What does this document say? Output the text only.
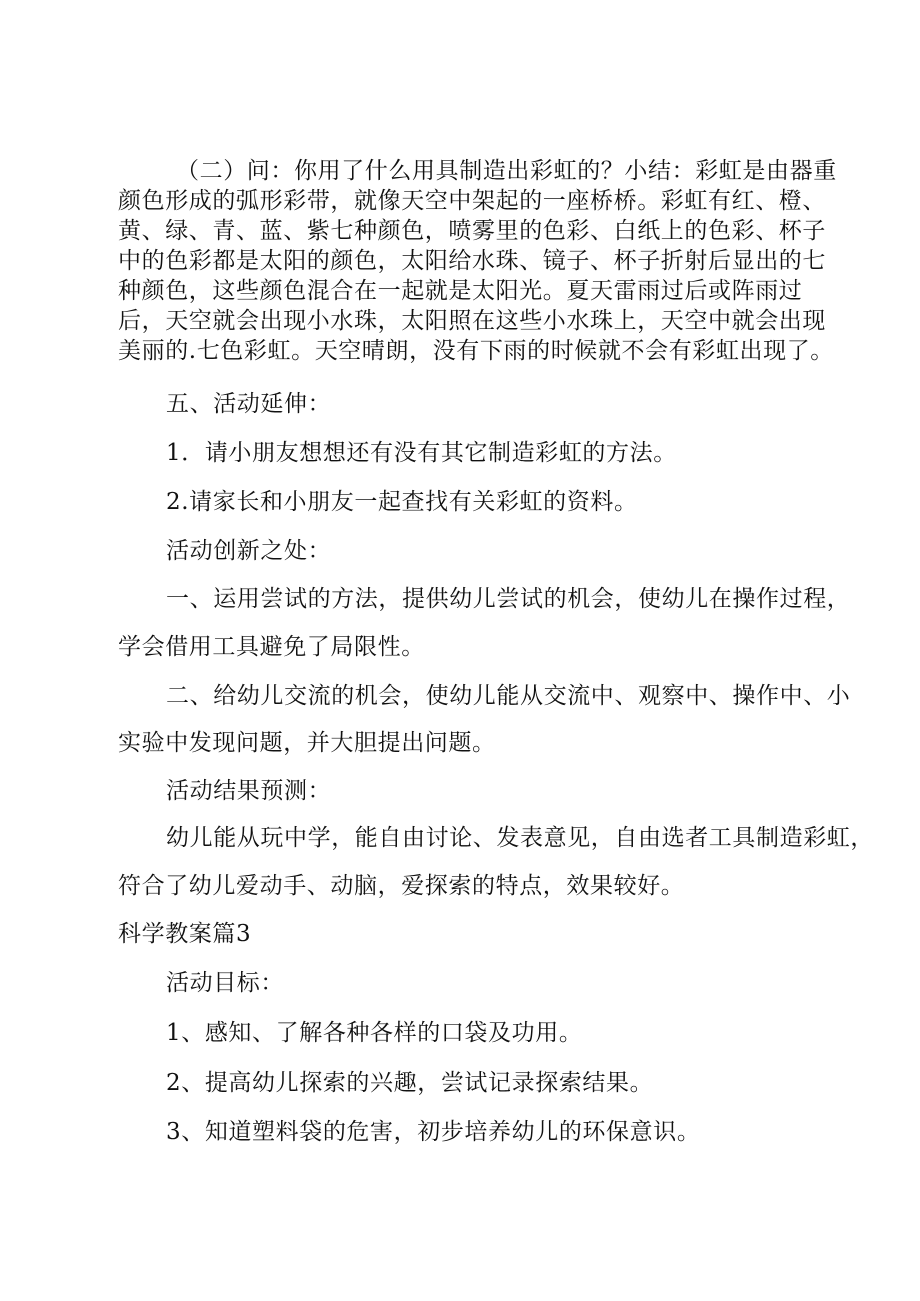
（二）问：你用了什么用具制造出彩虹的？小结：彩虹是由器重
颜色形成的弧形彩带，就像天空中架起的一座桥桥。彩虹有红、橙、
黄、绿、青、蓝、紫七种颜色，喷雾里的色彩、白纸上的色彩、杯子
中的色彩都是太阳的颜色，太阳给水珠、镜子、杯子折射后显出的七
种颜色，这些颜色混合在一起就是太阳光。夏天雷雨过后或阵雨过
后，天空就会出现小水珠，太阳照在这些小水珠上，天空中就会出现
美丽的.七色彩虹。天空晴朗，没有下雨的时候就不会有彩虹出现了。
五、活动延伸：
1．请小朋友想想还有没有其它制造彩虹的方法。
2.请家长和小朋友一起查找有关彩虹的资料。
活动创新之处：
一、运用尝试的方法，提供幼儿尝试的机会，使幼儿在操作过程，
学会借用工具避免了局限性。
二、给幼儿交流的机会，使幼儿能从交流中、观察中、操作中、小
实验中发现问题，并大胆提出问题。
活动结果预测：
幼儿能从玩中学，能自由讨论、发表意见，自由选者工具制造彩虹，
符合了幼儿爱动手、动脑，爱探索的特点，效果较好。
科学教案篇3
活动目标：
1、感知、了解各种各样的口袋及功用。
2、提高幼儿探索的兴趣，尝试记录探索结果。
3、知道塑料袋的危害，初步培养幼儿的环保意识。
